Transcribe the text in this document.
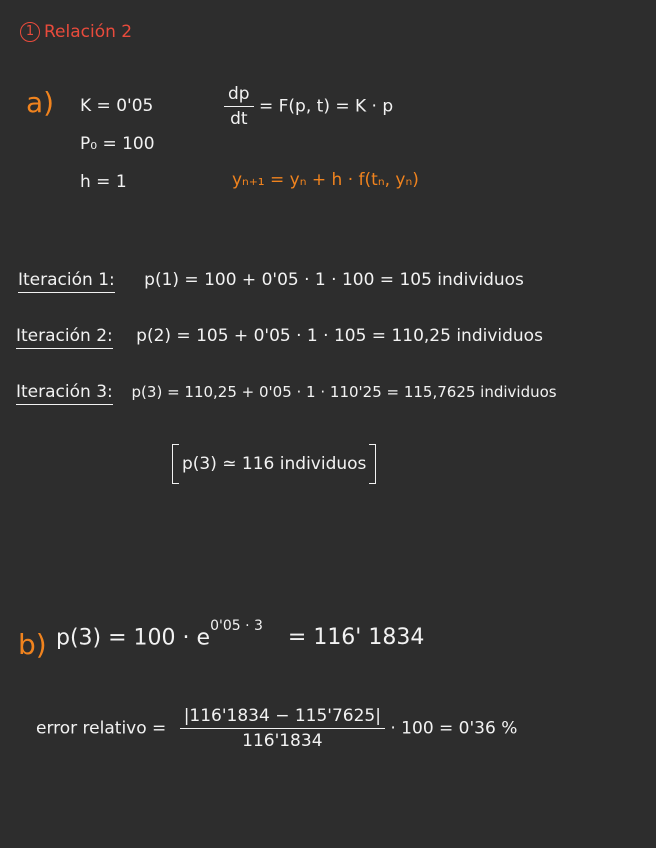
1 Relación 2
a) K = 0'05
P₀ = 100
h = 1
$\frac{dp}{dt} = F(p$, t) = K · p
yₙ₊₁ = yₙ + h · f(tₙ, yₙ)
Iteración 1: p(1) = 100 + 0'05 · 1 · 100 = 105 individuos
Iteración 2: p(2) = 105 + 0'05 · 1 · 105 = 110,25 individuos
Iteración 3: p(3) = 110,25 + 0'05 · 1 · 110'25 = 115,7625 individuos
p(3) ≃ 116 individuos
b) $p(3) = 100 \cdot e^{0'05 \cdot 3} = 116'$ 1834
error relativo = $\frac{|116'1834 - 115'7625|}{116'1834} \cdot 100 = 0'36$ %
